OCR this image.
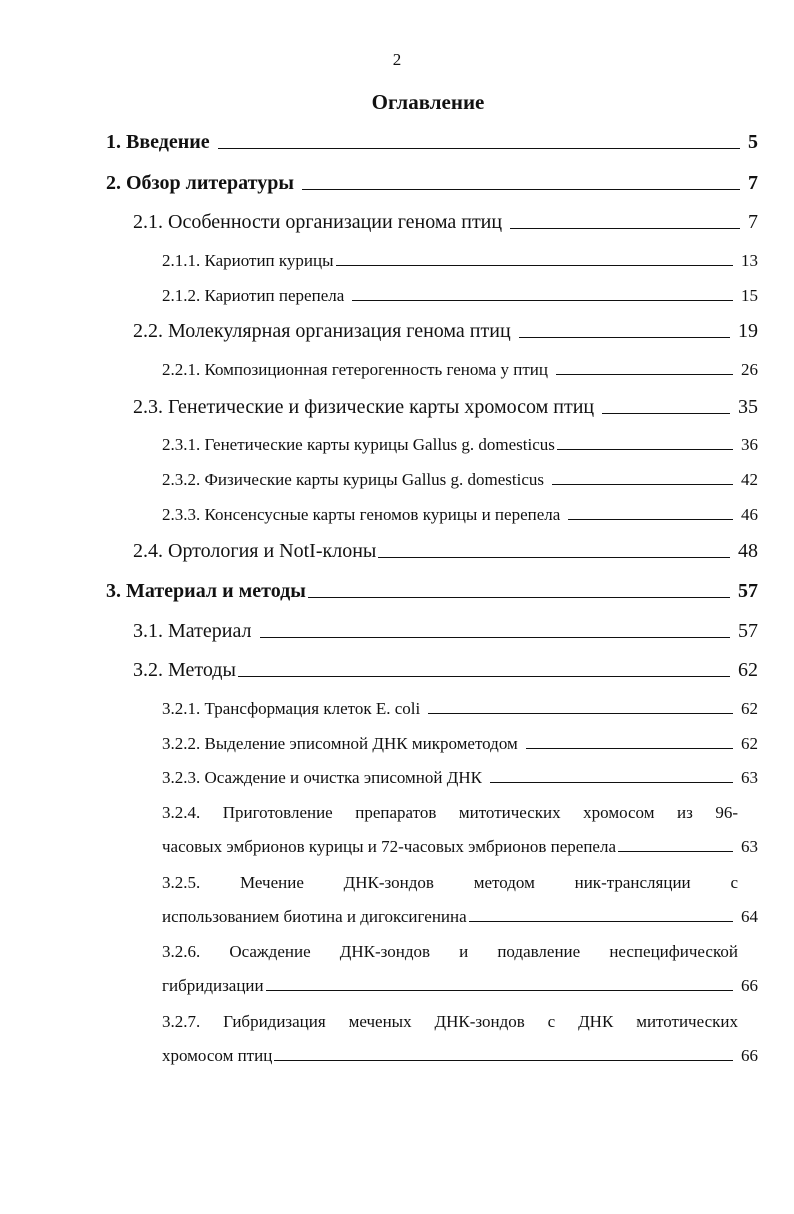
2
Оглавление
1. Введение	5
2. Обзор литературы	7
2.1. Особенности организации генома птиц	7
2.1.1. Кариотип курицы	13
2.1.2. Кариотип перепела	15
2.2. Молекулярная организация генома птиц	19
2.2.1. Композиционная гетерогенность генома у птиц	26
2.3. Генетические и физические карты хромосом птиц	35
2.3.1. Генетические карты курицы Gallus g. domesticus	36
2.3.2. Физические карты курицы Gallus g. domesticus	42
2.3.3. Консенсусные карты геномов курицы и перепела	46
2.4. Ортология и NotI-клоны	48
3. Материал и методы	57
3.1. Материал	57
3.2. Методы	62
3.2.1. Трансформация клеток E. coli	62
3.2.2. Выделение эписомной ДНК микрометодом	62
3.2.3. Осаждение и очистка эписомной ДНК	63
3.2.4. Приготовление препаратов митотических хромосом из 96-
часовых эмбрионов курицы и 72-часовых эмбрионов перепела	63
3.2.5. Мечение ДНК-зондов методом ник-трансляции с
использованием биотина и дигоксигенина	64
3.2.6. Осаждение ДНК-зондов и подавление неспецифической
гибридизации	66
3.2.7. Гибридизация меченых ДНК-зондов с ДНК митотических
хромосом птиц	66
